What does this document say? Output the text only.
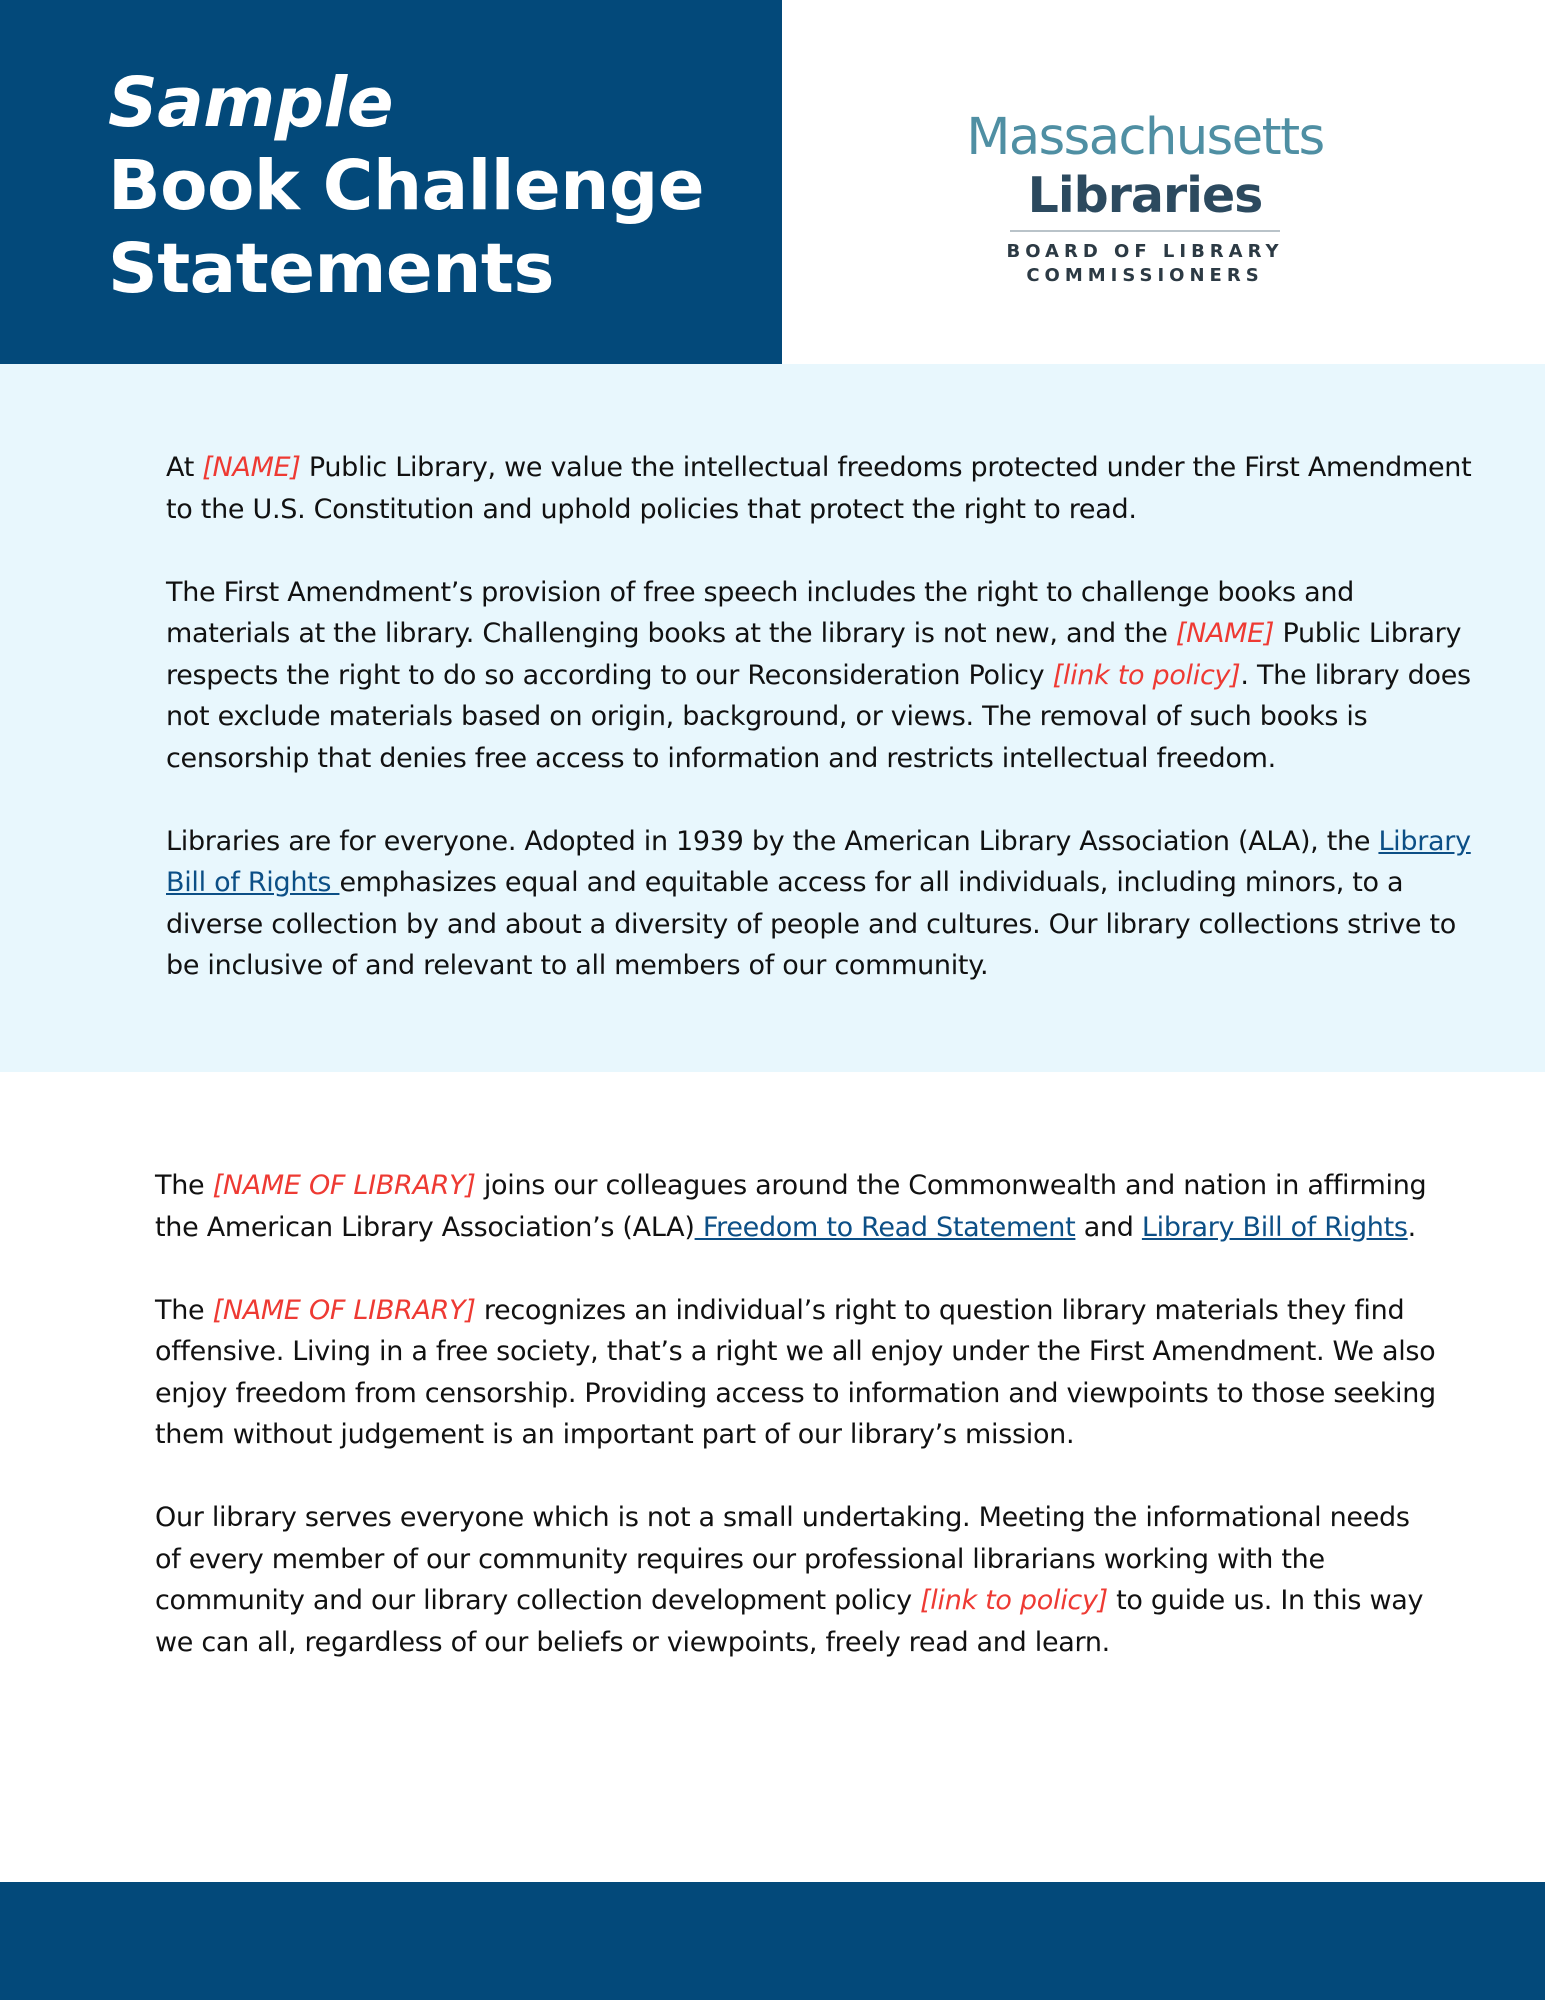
Sample
Book Challenge
Statements
Massachusetts
Libraries
BOARD OF LIBRARY
COMMISSIONERS

At [NAME] Public Library, we value the intellectual freedoms protected under the First Amendment to the U.S. Constitution and uphold policies that protect the right to read.

The First Amendment’s provision of free speech includes the right to challenge books and materials at the library. Challenging books at the library is not new, and the [NAME] Public Library respects the right to do so according to our Reconsideration Policy [link to policy]. The library does not exclude materials based on origin, background, or views. The removal of such books is censorship that denies free access to information and restricts intellectual freedom.

Libraries are for everyone. Adopted in 1939 by the American Library Association (ALA), the Library Bill of Rights emphasizes equal and equitable access for all individuals, including minors, to a diverse collection by and about a diversity of people and cultures. Our library collections strive to be inclusive of and relevant to all members of our community.

The [NAME OF LIBRARY] joins our colleagues around the Commonwealth and nation in affirming the American Library Association’s (ALA) Freedom to Read Statement and Library Bill of Rights.

The [NAME OF LIBRARY] recognizes an individual’s right to question library materials they find offensive. Living in a free society, that’s a right we all enjoy under the First Amendment. We also enjoy freedom from censorship. Providing access to information and viewpoints to those seeking them without judgement is an important part of our library’s mission.

Our library serves everyone which is not a small undertaking. Meeting the informational needs of every member of our community requires our professional librarians working with the community and our library collection development policy [link to policy] to guide us. In this way we can all, regardless of our beliefs or viewpoints, freely read and learn.
